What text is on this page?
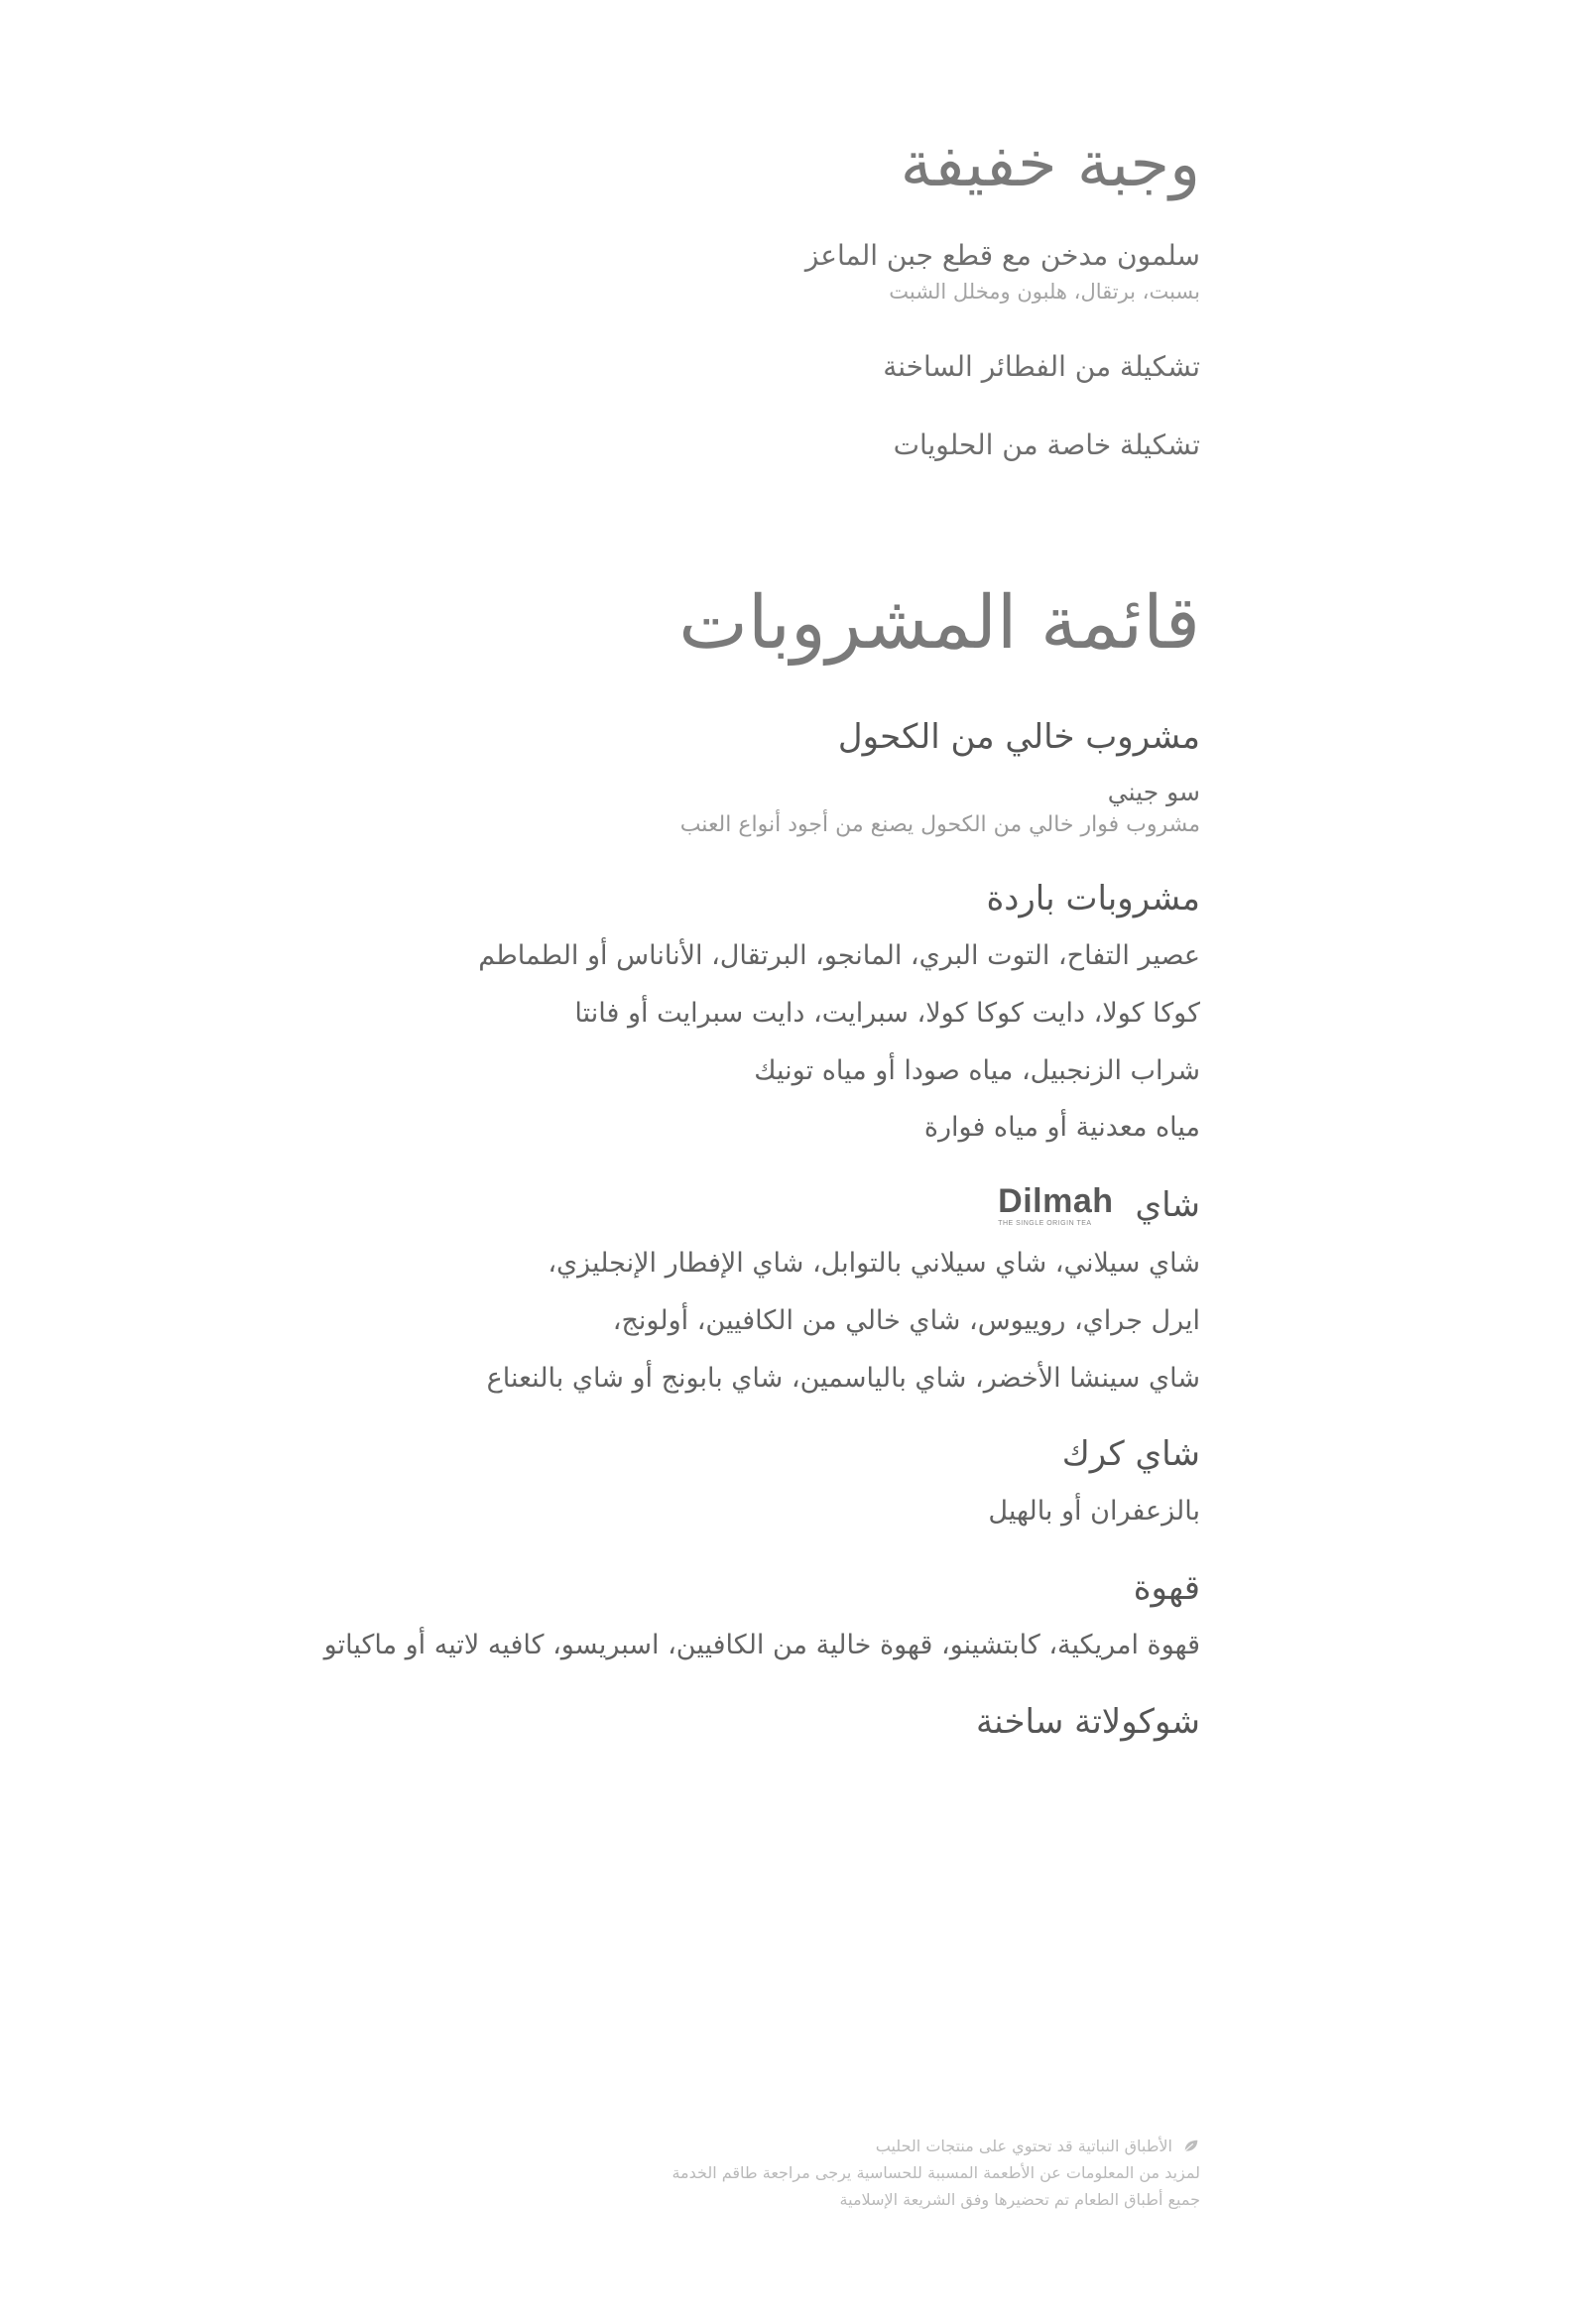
وجبة خفيفة
سلمون مدخن مع قطع جبن الماعز
بسبت، برتقال، هلبون ومخلل الشبت
تشكيلة من الفطائر الساخنة
تشكيلة خاصة من الحلويات
قائمة المشروبات
مشروب خالي من الكحول
سو جيني
مشروب فوار خالي من الكحول يصنع من أجود أنواع العنب
مشروبات باردة
عصير التفاح، التوت البري، المانجو، البرتقال، الأناناس أو الطماطم
كوكا كولا، دايت كوكا كولا، سبرايت، دايت سبرايت أو فانتا
شراب الزنجبيل، مياه صودا أو مياه تونيك
مياه معدنية أو مياه فوارة
شاي
Dilmah
THE SINGLE ORIGIN TEA
شاي سيلاني، شاي سيلاني بالتوابل، شاي الإفطار الإنجليزي،
ايرل جراي، روييوس، شاي خالي من الكافيين، أولونج،
شاي سينشا الأخضر، شاي بالياسمين، شاي بابونج أو شاي بالنعناع
شاي كرك
بالزعفران أو بالهيل
قهوة
قهوة امريكية، كابتشينو، قهوة خالية من الكافيين، اسبريسو، كافيه لاتيه أو ماكياتو
شوكولاتة ساخنة
الأطباق النباتية قد تحتوي على منتجات الحليب
لمزيد من المعلومات عن الأطعمة المسببة للحساسية يرجى مراجعة طاقم الخدمة
جميع أطباق الطعام تم تحضيرها وفق الشريعة الإسلامية
